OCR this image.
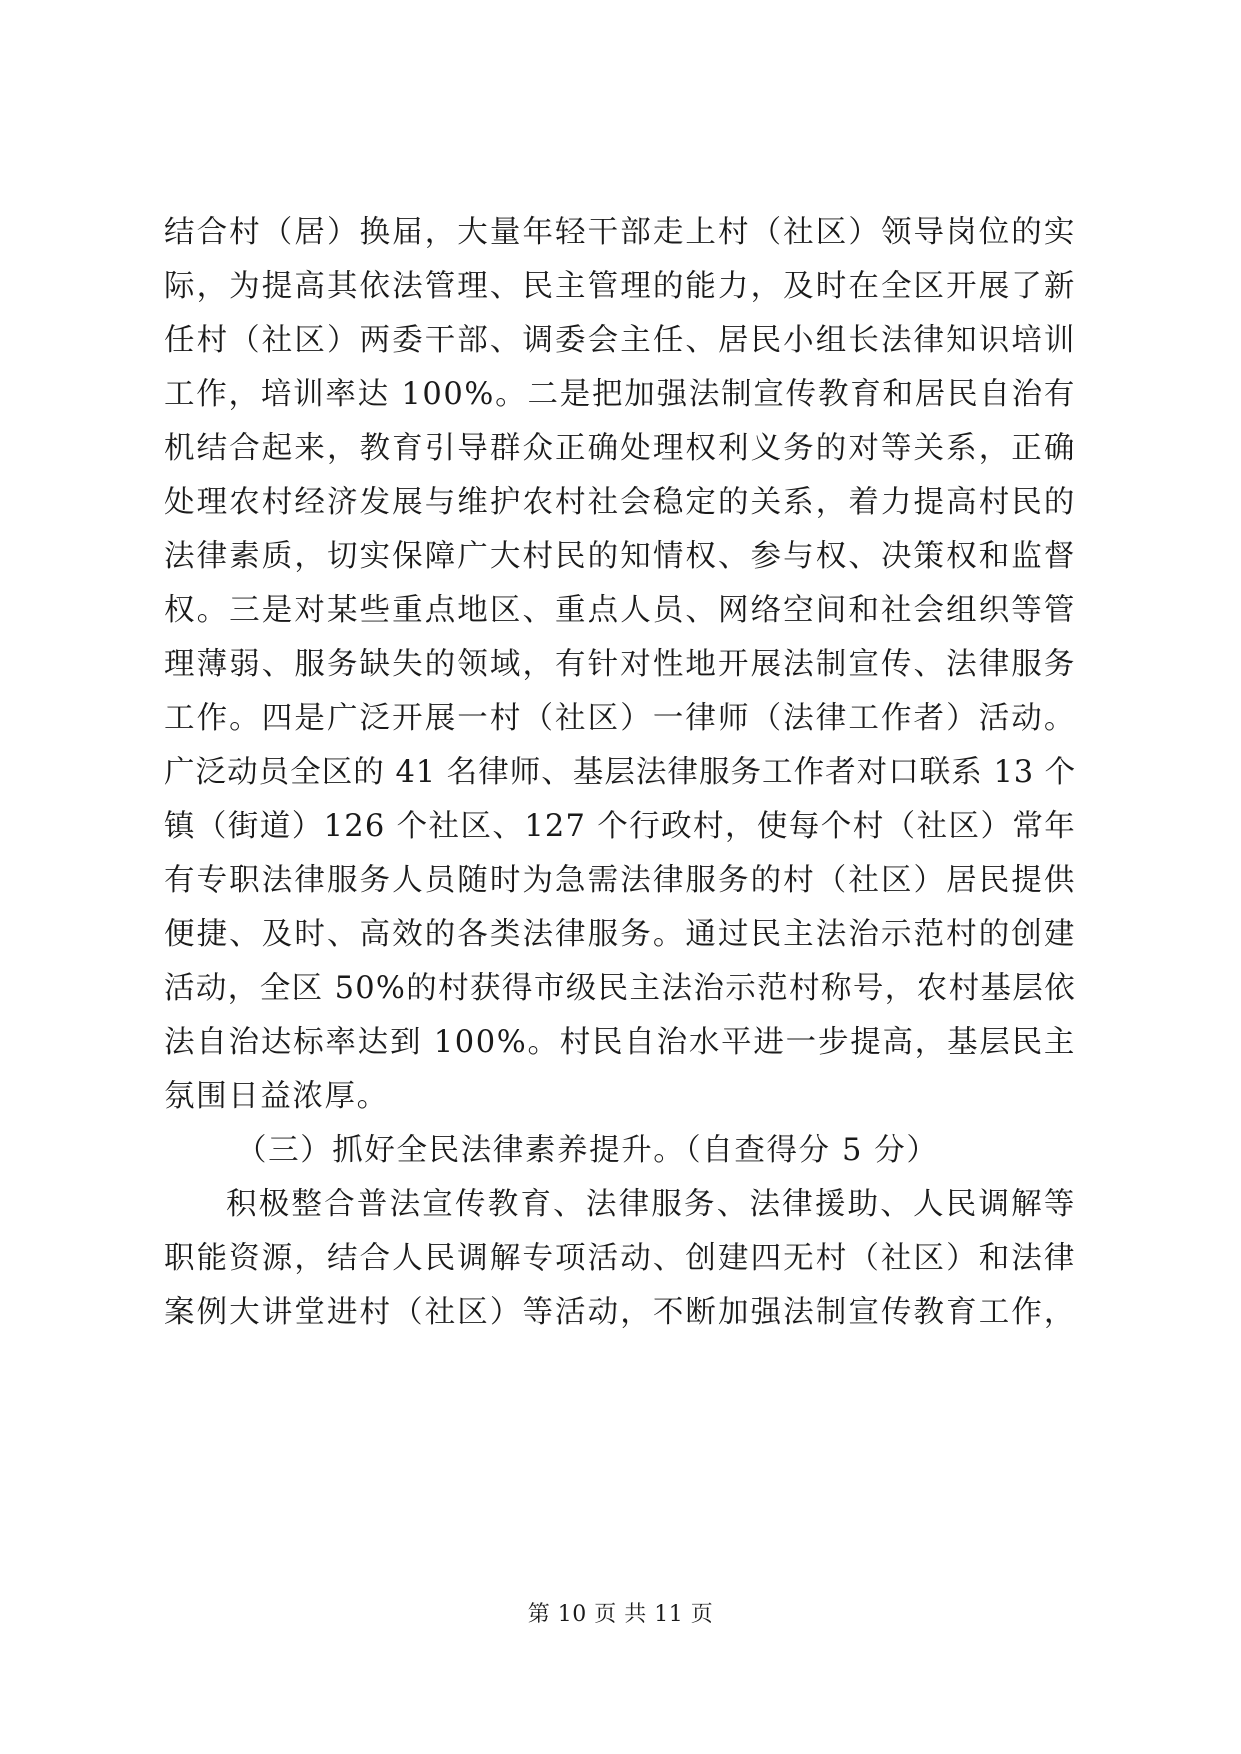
结合村（居）换届，大量年轻干部走上村（社区）领导岗位的实
际，为提高其依法管理、民主管理的能力，及时在全区开展了新
任村（社区）两委干部、调委会主任、居民小组长法律知识培训
工作，培训率达 100%。二是把加强法制宣传教育和居民自治有
机结合起来，教育引导群众正确处理权利义务的对等关系，正确
处理农村经济发展与维护农村社会稳定的关系，着力提高村民的
法律素质，切实保障广大村民的知情权、参与权、决策权和监督
权。三是对某些重点地区、重点人员、网络空间和社会组织等管
理薄弱、服务缺失的领域，有针对性地开展法制宣传、法律服务
工作。四是广泛开展一村（社区）一律师（法律工作者）活动。
广泛动员全区的 41 名律师、基层法律服务工作者对口联系 13 个
镇（街道）126 个社区、127 个行政村，使每个村（社区）常年
有专职法律服务人员随时为急需法律服务的村（社区）居民提供
便捷、及时、高效的各类法律服务。通过民主法治示范村的创建
活动，全区 50%的村获得市级民主法治示范村称号，农村基层依
法自治达标率达到 100%。村民自治水平进一步提高，基层民主
氛围日益浓厚。
（三）抓好全民法律素养提升。（自查得分 5 分）
积极整合普法宣传教育、法律服务、法律援助、人民调解等
职能资源，结合人民调解专项活动、创建四无村（社区）和法律
案例大讲堂进村（社区）等活动，不断加强法制宣传教育工作，
第 10 页 共 11 页
